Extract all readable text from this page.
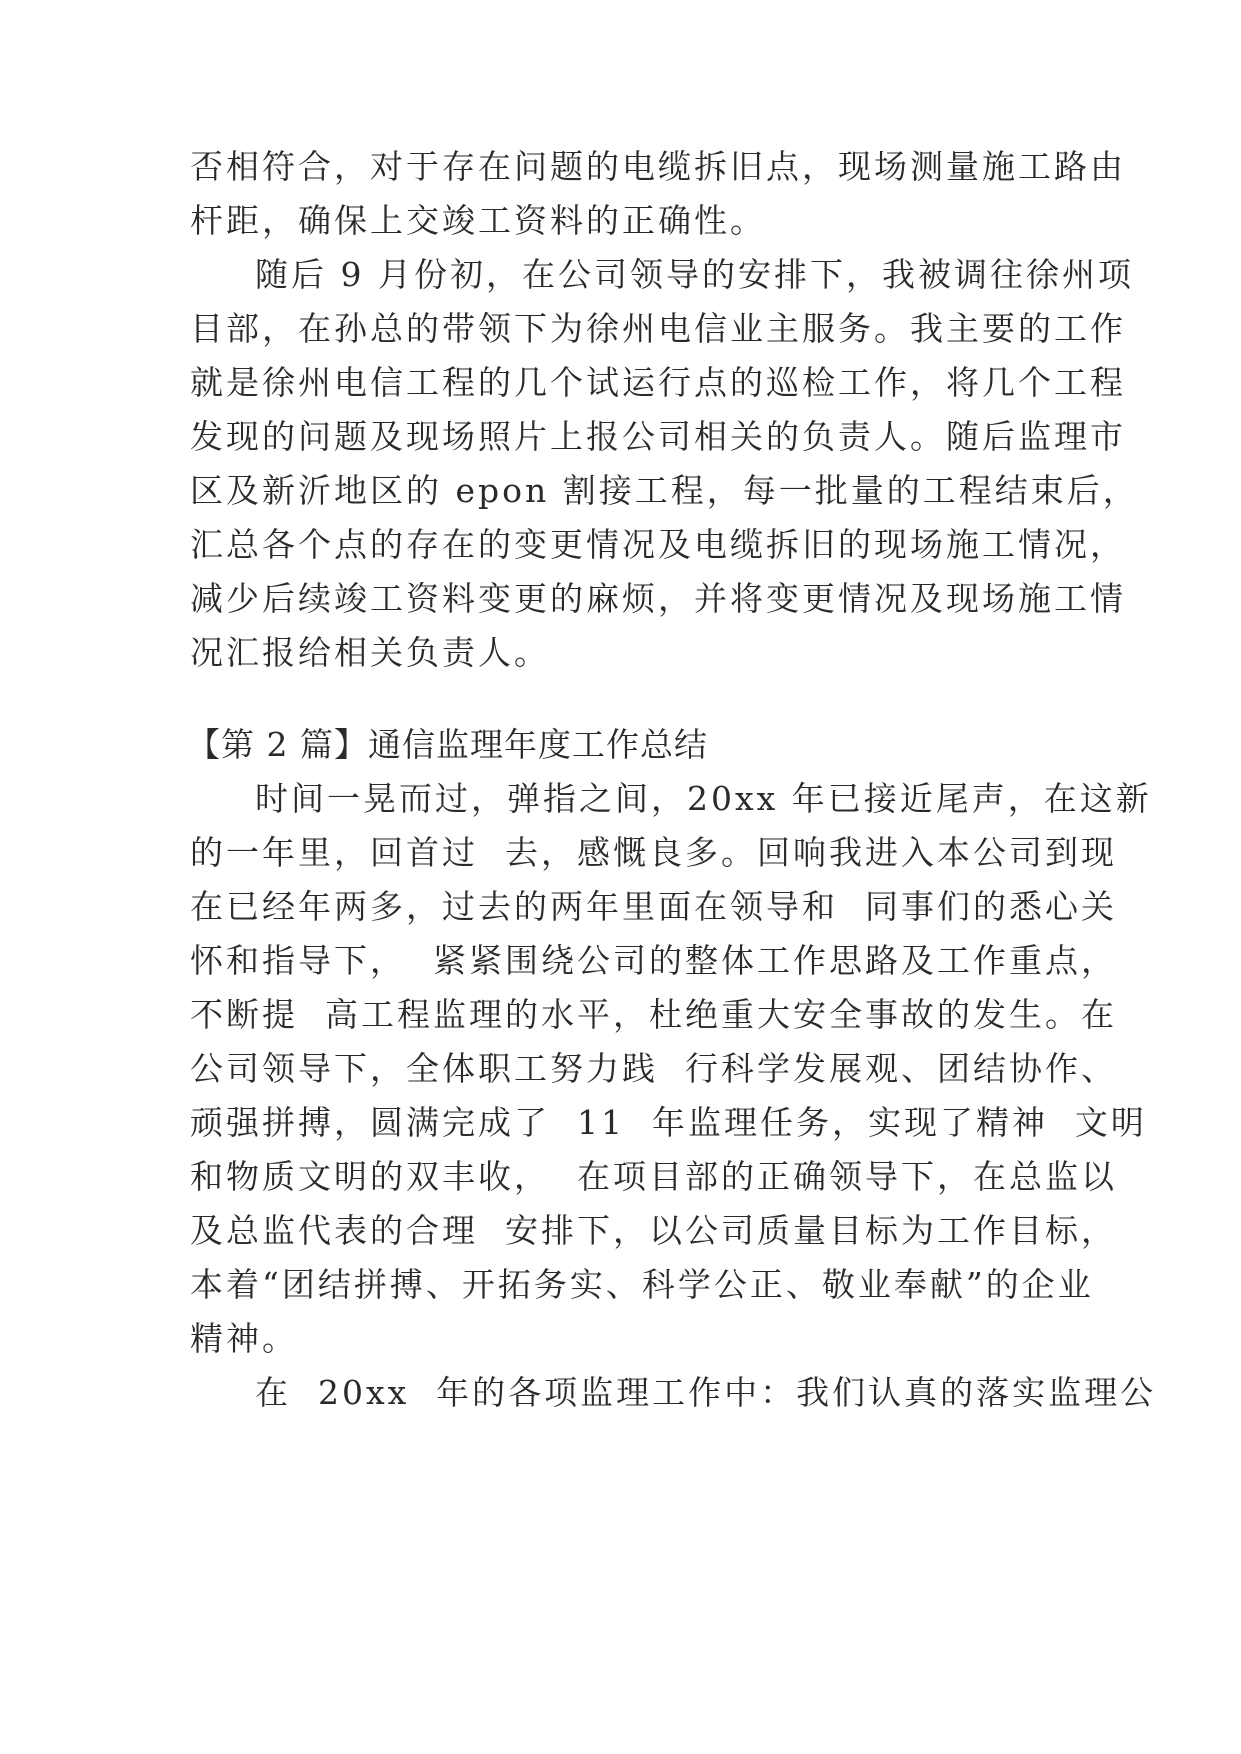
否相符合，对于存在问题的电缆拆旧点，现场测量施工路由
杆距，确保上交竣工资料的正确性。
随后 9 月份初，在公司领导的安排下，我被调往徐州项
目部，在孙总的带领下为徐州电信业主服务。我主要的工作
就是徐州电信工程的几个试运行点的巡检工作，将几个工程
发现的问题及现场照片上报公司相关的负责人。随后监理市
区及新沂地区的 epon 割接工程，每一批量的工程结束后，
汇总各个点的存在的变更情况及电缆拆旧的现场施工情况，
减少后续竣工资料变更的麻烦，并将变更情况及现场施工情
况汇报给相关负责人。
【第 2 篇】通信监理年度工作总结
时间一晃而过，弹指之间，20xx 年已接近尾声，在这新
的一年里，回首过  去，感慨良多。回响我进入本公司到现
在已经年两多，过去的两年里面在领导和  同事们的悉心关
怀和指导下，  紧紧围绕公司的整体工作思路及工作重点，
不断提  高工程监理的水平，杜绝重大安全事故的发生。在
公司领导下，全体职工努力践  行科学发展观、团结协作、
顽强拼搏，圆满完成了  11  年监理任务，实现了精神  文明
和物质文明的双丰收，  在项目部的正确领导下，在总监以
及总监代表的合理  安排下，以公司质量目标为工作目标，
本着“团结拼搏、开拓务实、科学公正、敬业奉献”的企业
精神。
在  20xx  年的各项监理工作中：我们认真的落实监理公
